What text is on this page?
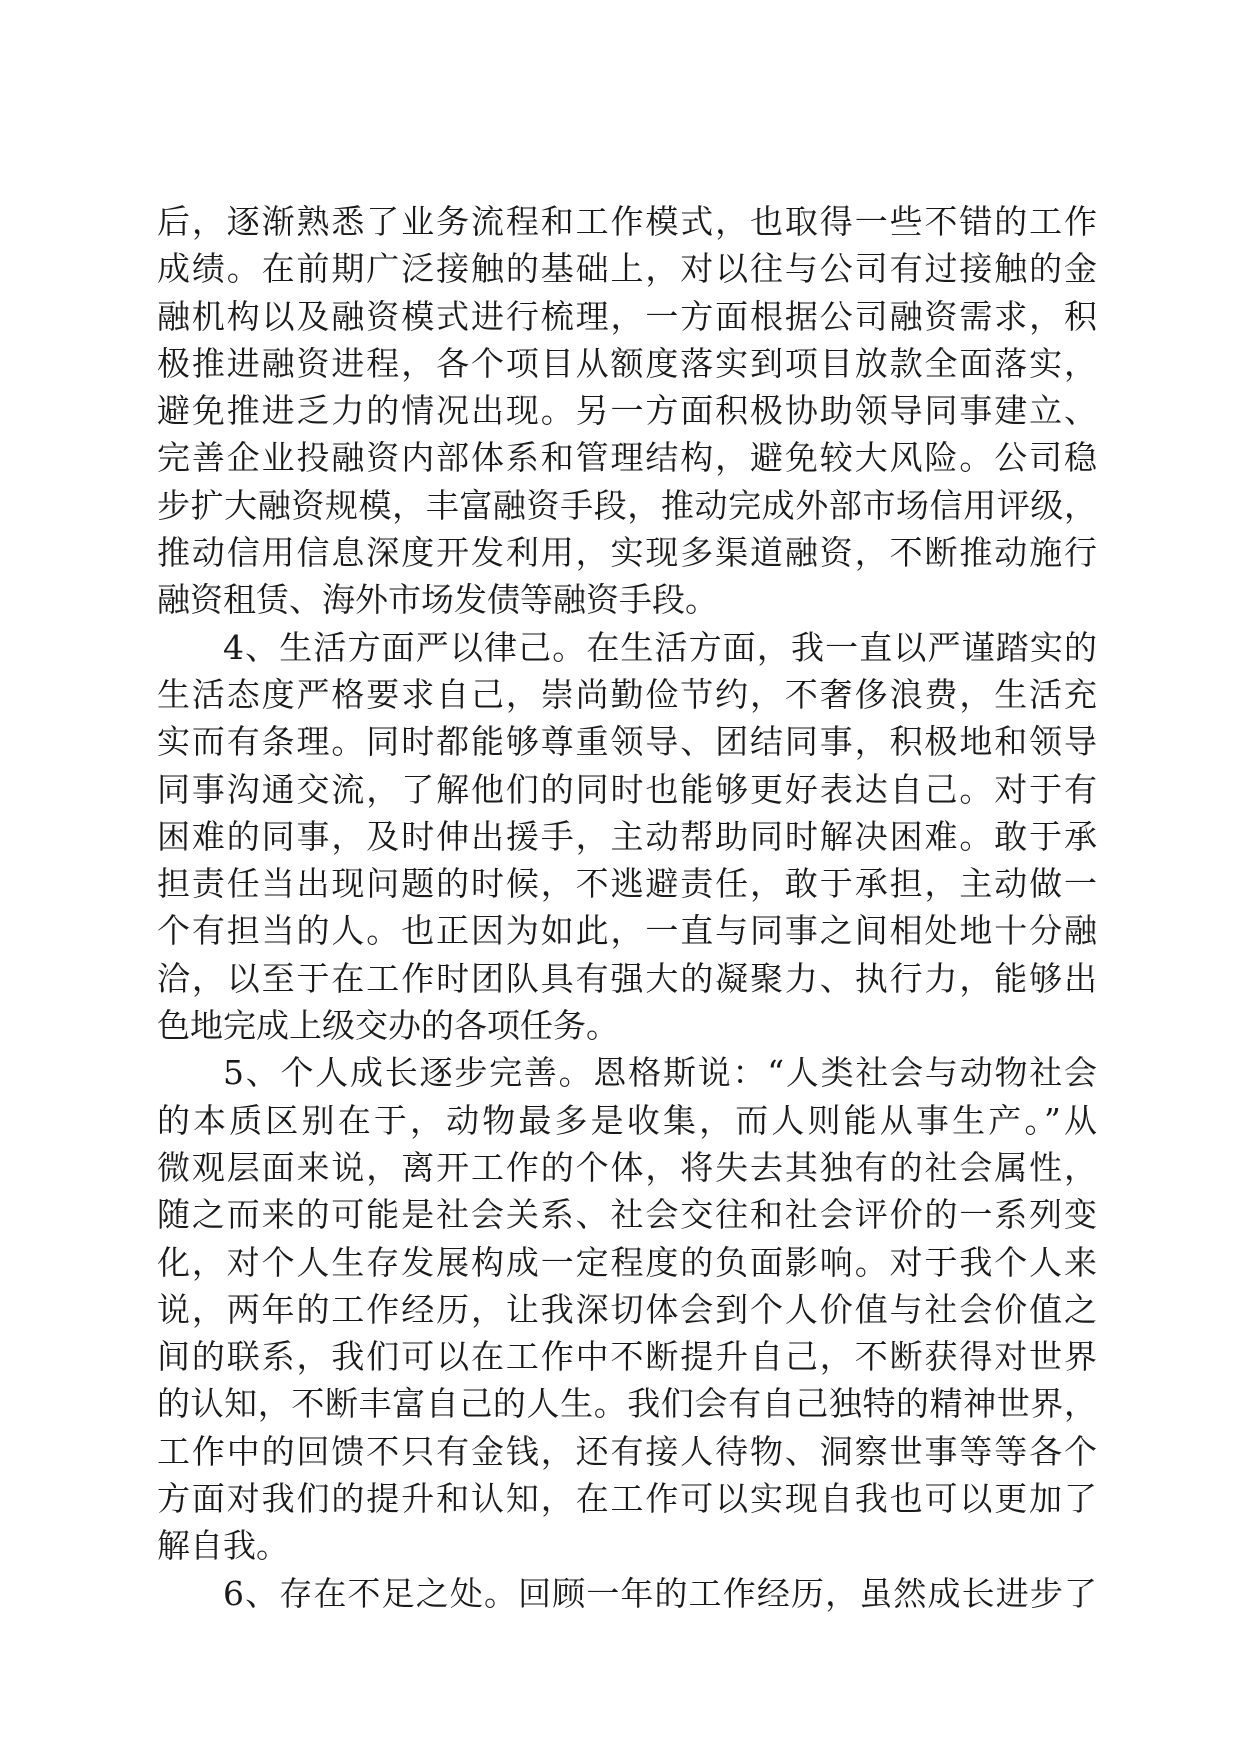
后，逐渐熟悉了业务流程和工作模式，也取得一些不错的工作
成绩。在前期广泛接触的基础上，对以往与公司有过接触的金
融机构以及融资模式进行梳理，一方面根据公司融资需求，积
极推进融资进程，各个项目从额度落实到项目放款全面落实，
避免推进乏力的情况出现。另一方面积极协助领导同事建立、
完善企业投融资内部体系和管理结构，避免较大风险。公司稳
步扩大融资规模，丰富融资手段，推动完成外部市场信用评级，
推动信用信息深度开发利用，实现多渠道融资，不断推动施行
融资租赁、海外市场发债等融资手段。
4、生活方面严以律己。在生活方面，我一直以严谨踏实的
生活态度严格要求自己，崇尚勤俭节约，不奢侈浪费，生活充
实而有条理。同时都能够尊重领导、团结同事，积极地和领导
同事沟通交流，了解他们的同时也能够更好表达自己。对于有
困难的同事，及时伸出援手，主动帮助同时解决困难。敢于承
担责任当出现问题的时候，不逃避责任，敢于承担，主动做一
个有担当的人。也正因为如此，一直与同事之间相处地十分融
洽，以至于在工作时团队具有强大的凝聚力、执行力，能够出
色地完成上级交办的各项任务。
5、个人成长逐步完善。恩格斯说：“人类社会与动物社会
的本质区别在于，动物最多是收集，而人则能从事生产。”从
微观层面来说，离开工作的个体，将失去其独有的社会属性，
随之而来的可能是社会关系、社会交往和社会评价的一系列变
化，对个人生存发展构成一定程度的负面影响。对于我个人来
说，两年的工作经历，让我深切体会到个人价值与社会价值之
间的联系，我们可以在工作中不断提升自己，不断获得对世界
的认知，不断丰富自己的人生。我们会有自己独特的精神世界，
工作中的回馈不只有金钱，还有接人待物、洞察世事等等各个
方面对我们的提升和认知，在工作可以实现自我也可以更加了
解自我。
6、存在不足之处。回顾一年的工作经历，虽然成长进步了
